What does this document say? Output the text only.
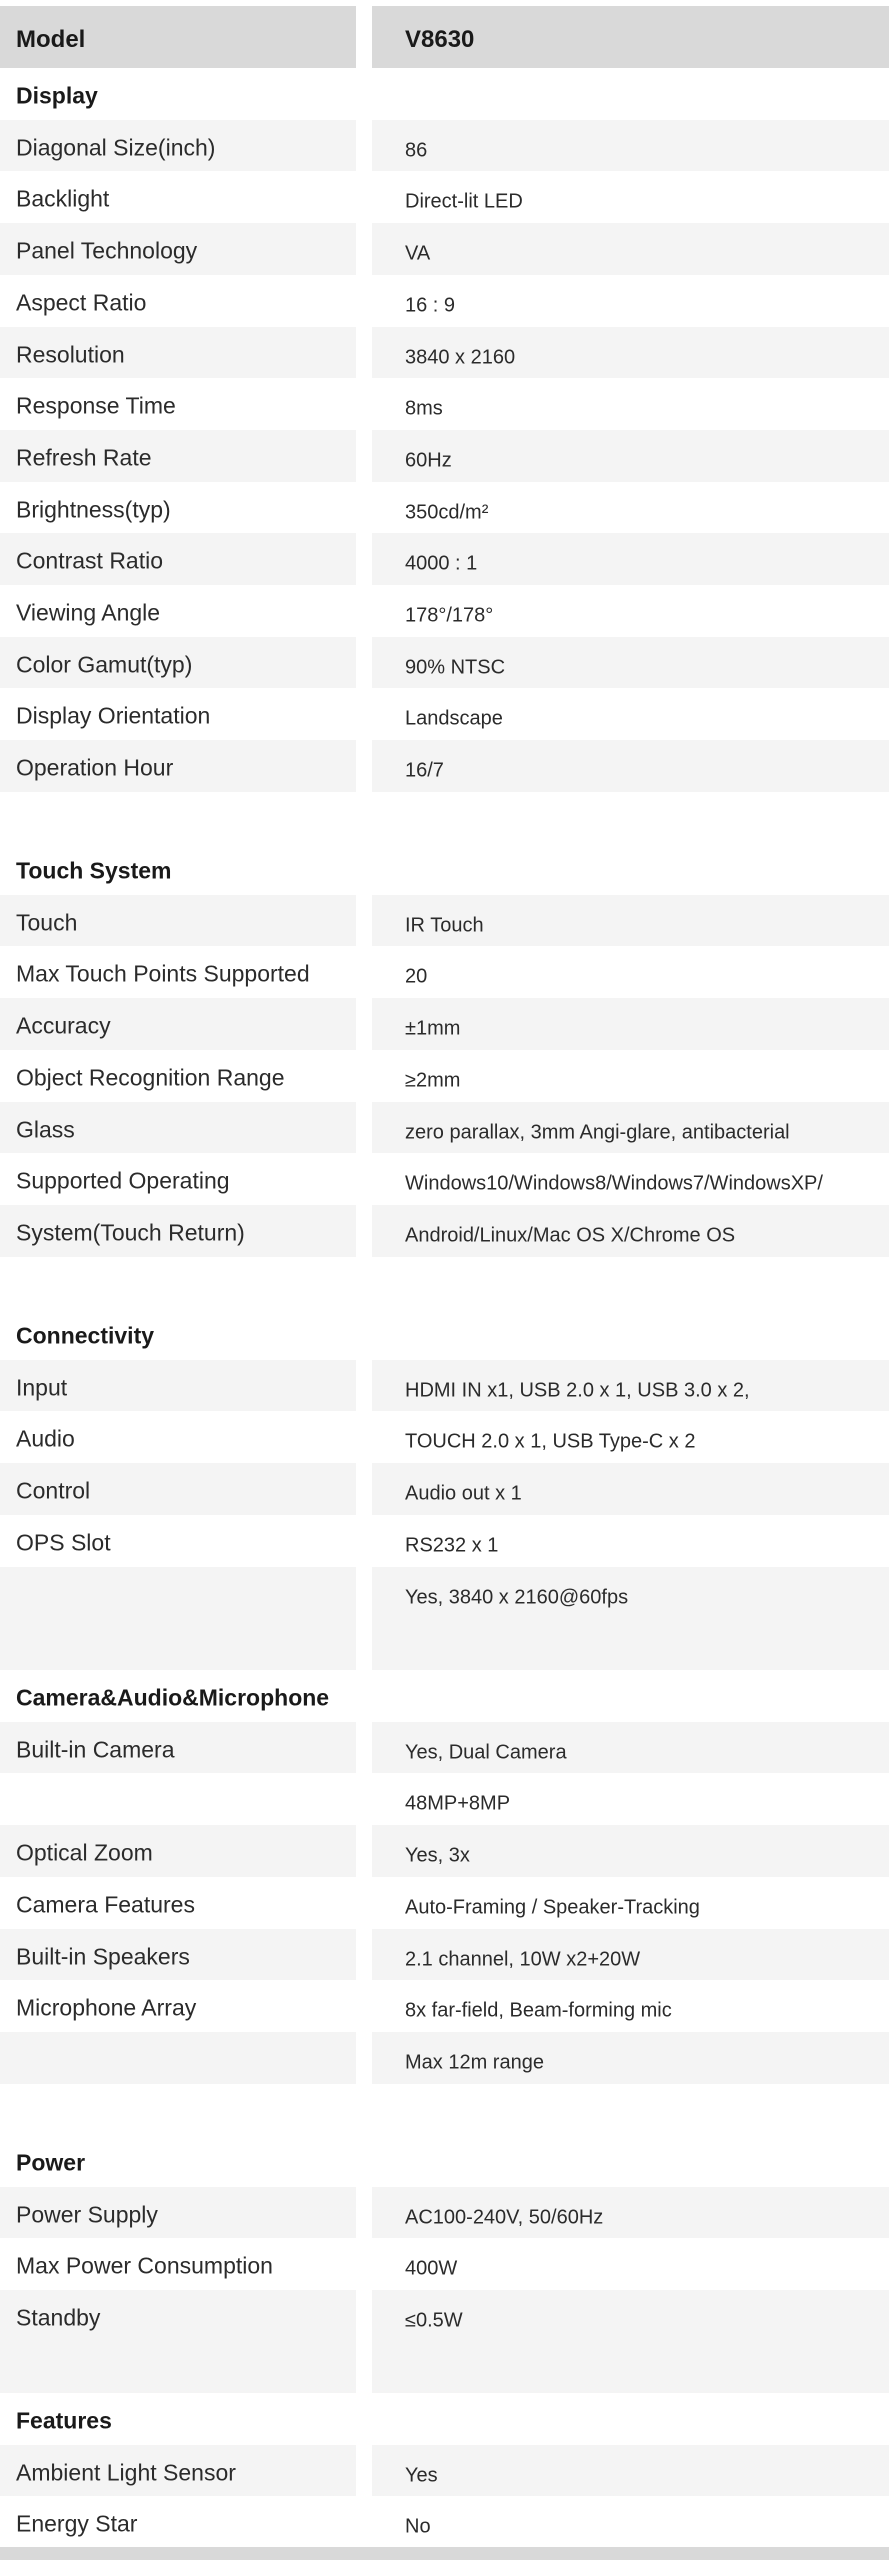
Model	V8630
Display
Diagonal Size(inch)	86
Backlight	Direct-lit LED
Panel Technology	VA
Aspect Ratio	16 : 9
Resolution	3840 x 2160
Response Time	8ms
Refresh Rate	60Hz
Brightness(typ)	350cd/m²
Contrast Ratio	4000 : 1
Viewing Angle	178°/178°
Color Gamut(typ)	90% NTSC
Display Orientation	Landscape
Operation Hour	16/7
Touch System
Touch	IR Touch
Max Touch Points Supported	20
Accuracy	±1mm
Object Recognition Range	≥2mm
Glass	zero parallax, 3mm Angi-glare, antibacterial
Supported Operating	Windows10/Windows8/Windows7/WindowsXP/
System(Touch Return)	Android/Linux/Mac OS X/Chrome OS
Connectivity
Input	HDMI IN x1, USB 2.0 x 1, USB 3.0 x 2,
Audio	TOUCH 2.0 x 1, USB Type-C x 2
Control	Audio out x 1
OPS Slot	RS232 x 1
Yes, 3840 x 2160@60fps
Camera&Audio&Microphone
Built-in Camera	Yes, Dual Camera
48MP+8MP
Optical Zoom	Yes, 3x
Camera Features	Auto-Framing / Speaker-Tracking
Built-in Speakers	2.1 channel, 10W x2+20W
Microphone Array	8x far-field, Beam-forming mic
Max 12m range
Power
Power Supply	AC100-240V, 50/60Hz
Max Power Consumption	400W
Standby	≤0.5W
Features
Ambient Light Sensor	Yes
Energy Star	No
